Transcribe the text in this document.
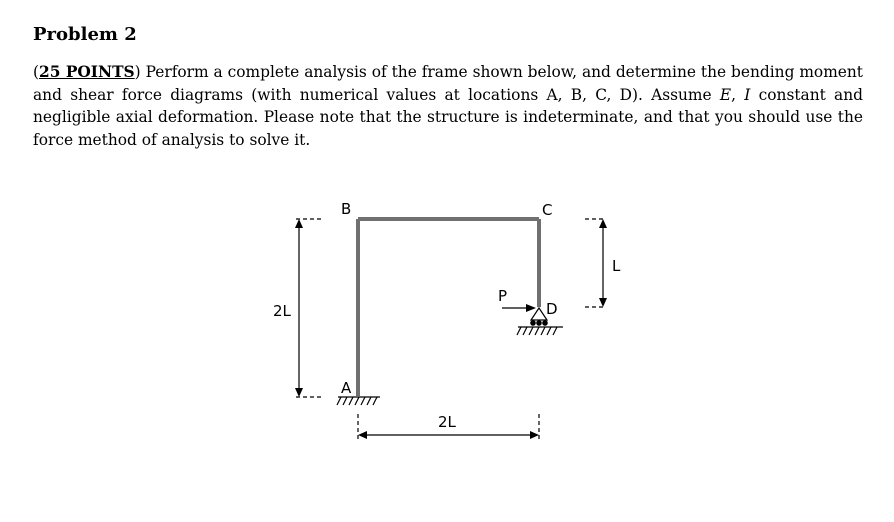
Problem 2
(25 POINTS) Perform a complete analysis of the frame shown below, and determine the bending moment and shear force diagrams (with numerical values at locations A, B, C, D). Assume E, I constant and negligible axial deformation. Please note that the structure is indeterminate, and that you should use the force method of analysis to solve it.
B	C
A
D
P
2L
L
2L
